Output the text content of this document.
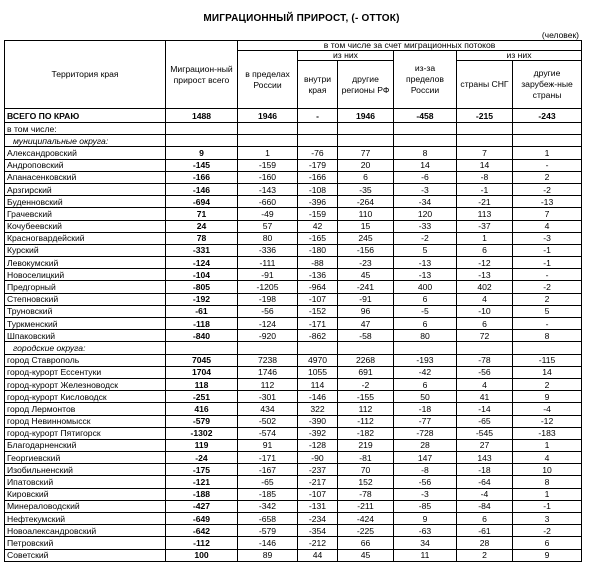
МИГРАЦИОННЫЙ ПРИРОСТ, (- ОТТОК)
(человек)
Территория края	Миграцион-ный прирост всего	в том числе за счет миграционных потоков					
		в пределах России	из них		из-за пределов России	из них	
			внутри края	другие регионы РФ		страны СНГ	другие зарубеж-ные страны
ВСЕГО ПО КРАЮ	1488	1946	-	1946	-458	-215	-243
в том числе:							
муниципальные округа:							
Александровский	9	1	-76	77	8	7	1
Андроповский	-145	-159	-179	20	14	14	-
Апанасенковский	-166	-160	-166	6	-6	-8	2
Арзгирский	-146	-143	-108	-35	-3	-1	-2
Буденновский	-694	-660	-396	-264	-34	-21	-13
Грачевский	71	-49	-159	110	120	113	7
Кочубеевский	24	57	42	15	-33	-37	4
Красногвардейский	78	80	-165	245	-2	1	-3
Курский	-331	-336	-180	-156	5	6	-1
Левокумский	-124	-111	-88	-23	-13	-12	-1
Новоселицкий	-104	-91	-136	45	-13	-13	-
Предгорный	-805	-1205	-964	-241	400	402	-2
Степновский	-192	-198	-107	-91	6	4	2
Труновский	-61	-56	-152	96	-5	-10	5
Туркменский	-118	-124	-171	47	6	6	-
Шпаковский	-840	-920	-862	-58	80	72	8
городские округа:							
город Ставрополь	7045	7238	4970	2268	-193	-78	-115
город-курорт Ессентуки	1704	1746	1055	691	-42	-56	14
город-курорт Железноводск	118	112	114	-2	6	4	2
город-курорт Кисловодск	-251	-301	-146	-155	50	41	9
город Лермонтов	416	434	322	112	-18	-14	-4
город Невинномысск	-579	-502	-390	-112	-77	-65	-12
город-курорт Пятигорск	-1302	-574	-392	-182	-728	-545	-183
Благодарненский	119	91	-128	219	28	27	1
Георгиевский	-24	-171	-90	-81	147	143	4
Изобильненский	-175	-167	-237	70	-8	-18	10
Ипатовский	-121	-65	-217	152	-56	-64	8
Кировский	-188	-185	-107	-78	-3	-4	1
Минераловодский	-427	-342	-131	-211	-85	-84	-1
Нефтекумский	-649	-658	-234	-424	9	6	3
Новоалександровский	-642	-579	-354	-225	-63	-61	-2
Петровский	-112	-146	-212	66	34	28	6
Советский	100	89	44	45	11	2	9
